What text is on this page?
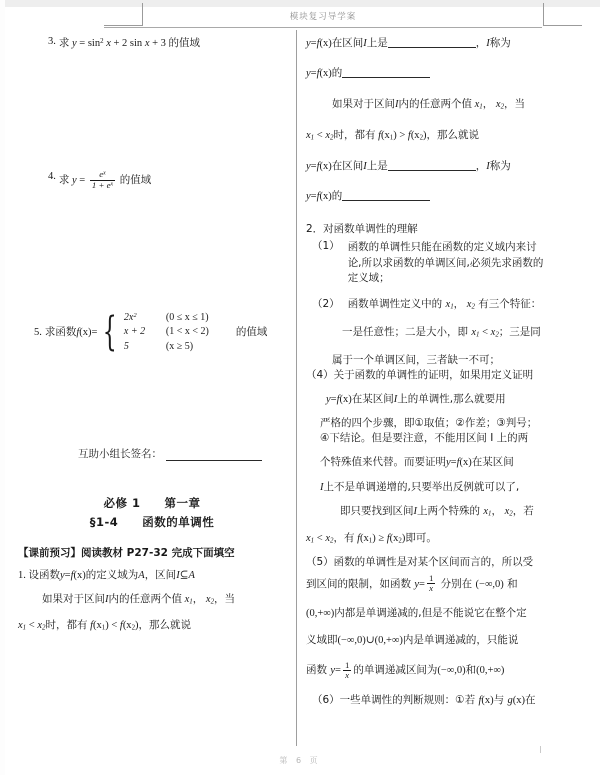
模块复习导学案
3. 求 $y = \sin^2 x + 2$ sin x + 3 的值域
4. 求 $y = \frac{e^x}{1 + e^x}$ 的值域
5. 求函数 f (x) = { $2x^2$	(0 ≤ x ≤ 1)
x + 2	(1 < x < 2)
5	(x ≥ 5)
的值域
互助小组长签名：
必修 1　　第一章
§1-4　　函数的单调性
【课前预习】阅读教材 P27-32 完成下面填空
1. 设函数y=f(x)的定义域为A，区间I⊆A
如果对于区间I内的任意两个值 $x_1$， $x_2$，当
$x_1 < x_2$时，都有 $f(x_1) < f(x_2)$，那么就说
y=f(x)在区间I上是	，I称为
y=f(x)的
如果对于区间I内的任意两个值 $x_1$， $x_2$，当
$x_1 < x_2$时，都有 $f(x_1) > f(x_2)$，那么就说
y=f(x)在区间I上是	，I称为
y=f(x)的
2．对函数单调性的理解
（1） 函数的单调性只能在函数的定义域内来讨
论,所以求函数的单调区间,必须先求函数的
定义域；
（2） 函数单调性定义中的 $x_1$， $x_2$ 有三个特征：
一是任意性；二是大小，即 $x_1 < x_2$；三是同
属于一个单调区间，三者缺一不可；
（4）关于函数的单调性的证明，如果用定义证明
y=f(x)在某区间I上的单调性,那么就要用
严格的四个步骤，即①取值；②作差；③判号；
④下结论。但是要注意，不能用区间 I 上的两
个特殊值来代替。而要证明y=f(x)在某区间
I上不是单调递增的,只要举出反例就可以了,
即只要找到区间I上两个特殊的 $x_1$， $x_2$，若
$x_1 < x_2$，有 $f(x_1) \ge f(x_2)$即可。
（5）函数的单调性是对某个区间而言的，所以受
到区间的限制，如函数 $y= \frac{1}{x}$ 分别在 (−∞,0) 和
(0,+∞)内都是单调递减的,但是不能说它在整个定
义域即(−∞,0)∪(0,+∞)内是单调递减的，只能说
函数 $y= \frac{1}{x}$ 的单调递减区间为(−∞,0)和(0,+∞)
（6）一些单调性的判断规则：①若 f(x)与 g(x)在
第 6 页
